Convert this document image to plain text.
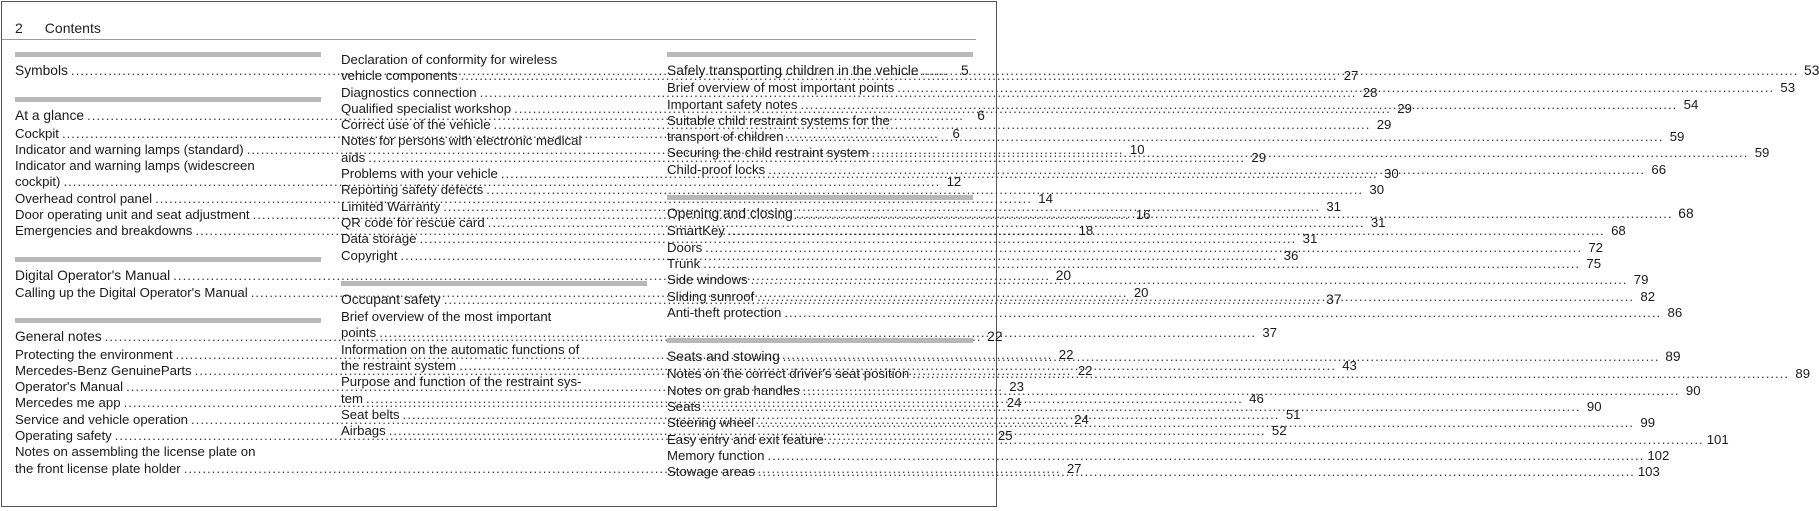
2 Contents
Symbols .....	5
At a glance .....	6
Cockpit .....	6
Indicator and warning lamps (standard) .....	10
Indicator and warning lamps (widescreen
cockpit) .....	12
Overhead control panel .....	14
Door operating unit and seat adjustment .....	16
Emergencies and breakdowns .....	18
Digital Operator's Manual .....	20
Calling up the Digital Operator's Manual .....	20
General notes .....	22
Protecting the environment .....	22
Mercedes-Benz GenuineParts .....	22
Operator's Manual .....	23
Mercedes me app .....	24
Service and vehicle operation .....	24
Operating safety .....	25
Notes on assembling the license plate on
the front license plate holder .....	27
Declaration of conformity for wireless
vehicle components .....	27
Diagnostics connection .....	28
Qualified specialist workshop .....	29
Correct use of the vehicle .....	29
Notes for persons with electronic medical
aids .....	29
Problems with your vehicle .....	30
Reporting safety defects .....	30
Limited Warranty .....	31
QR code for rescue card .....	31
Data storage .....	31
Copyright .....	36
Occupant safety .....	37
Brief overview of the most important
points .....	37
Information on the automatic functions of
the restraint system .....	43
Purpose and function of the restraint sys-
tem .....	46
Seat belts .....	51
Airbags .....	52
Safely transporting children in the vehicle .....	53
Brief overview of most important points .....	53
Important safety notes .....	54
Suitable child restraint systems for the
transport of children .....	59
Securing the child restraint system .....	59
Child-proof locks .....	66
Opening and closing .....	68
SmartKey .....	68
Doors .....	72
Trunk .....	75
Side windows .....	79
Sliding sunroof .....	82
Anti-theft protection .....	86
Seats and stowing .....	89
Notes on the correct driver's seat position .....	89
Notes on grab handles .....	90
Seats .....	90
Steering wheel .....	99
Easy entry and exit feature .....	101
Memory function .....	102
Stowage areas .....	103
